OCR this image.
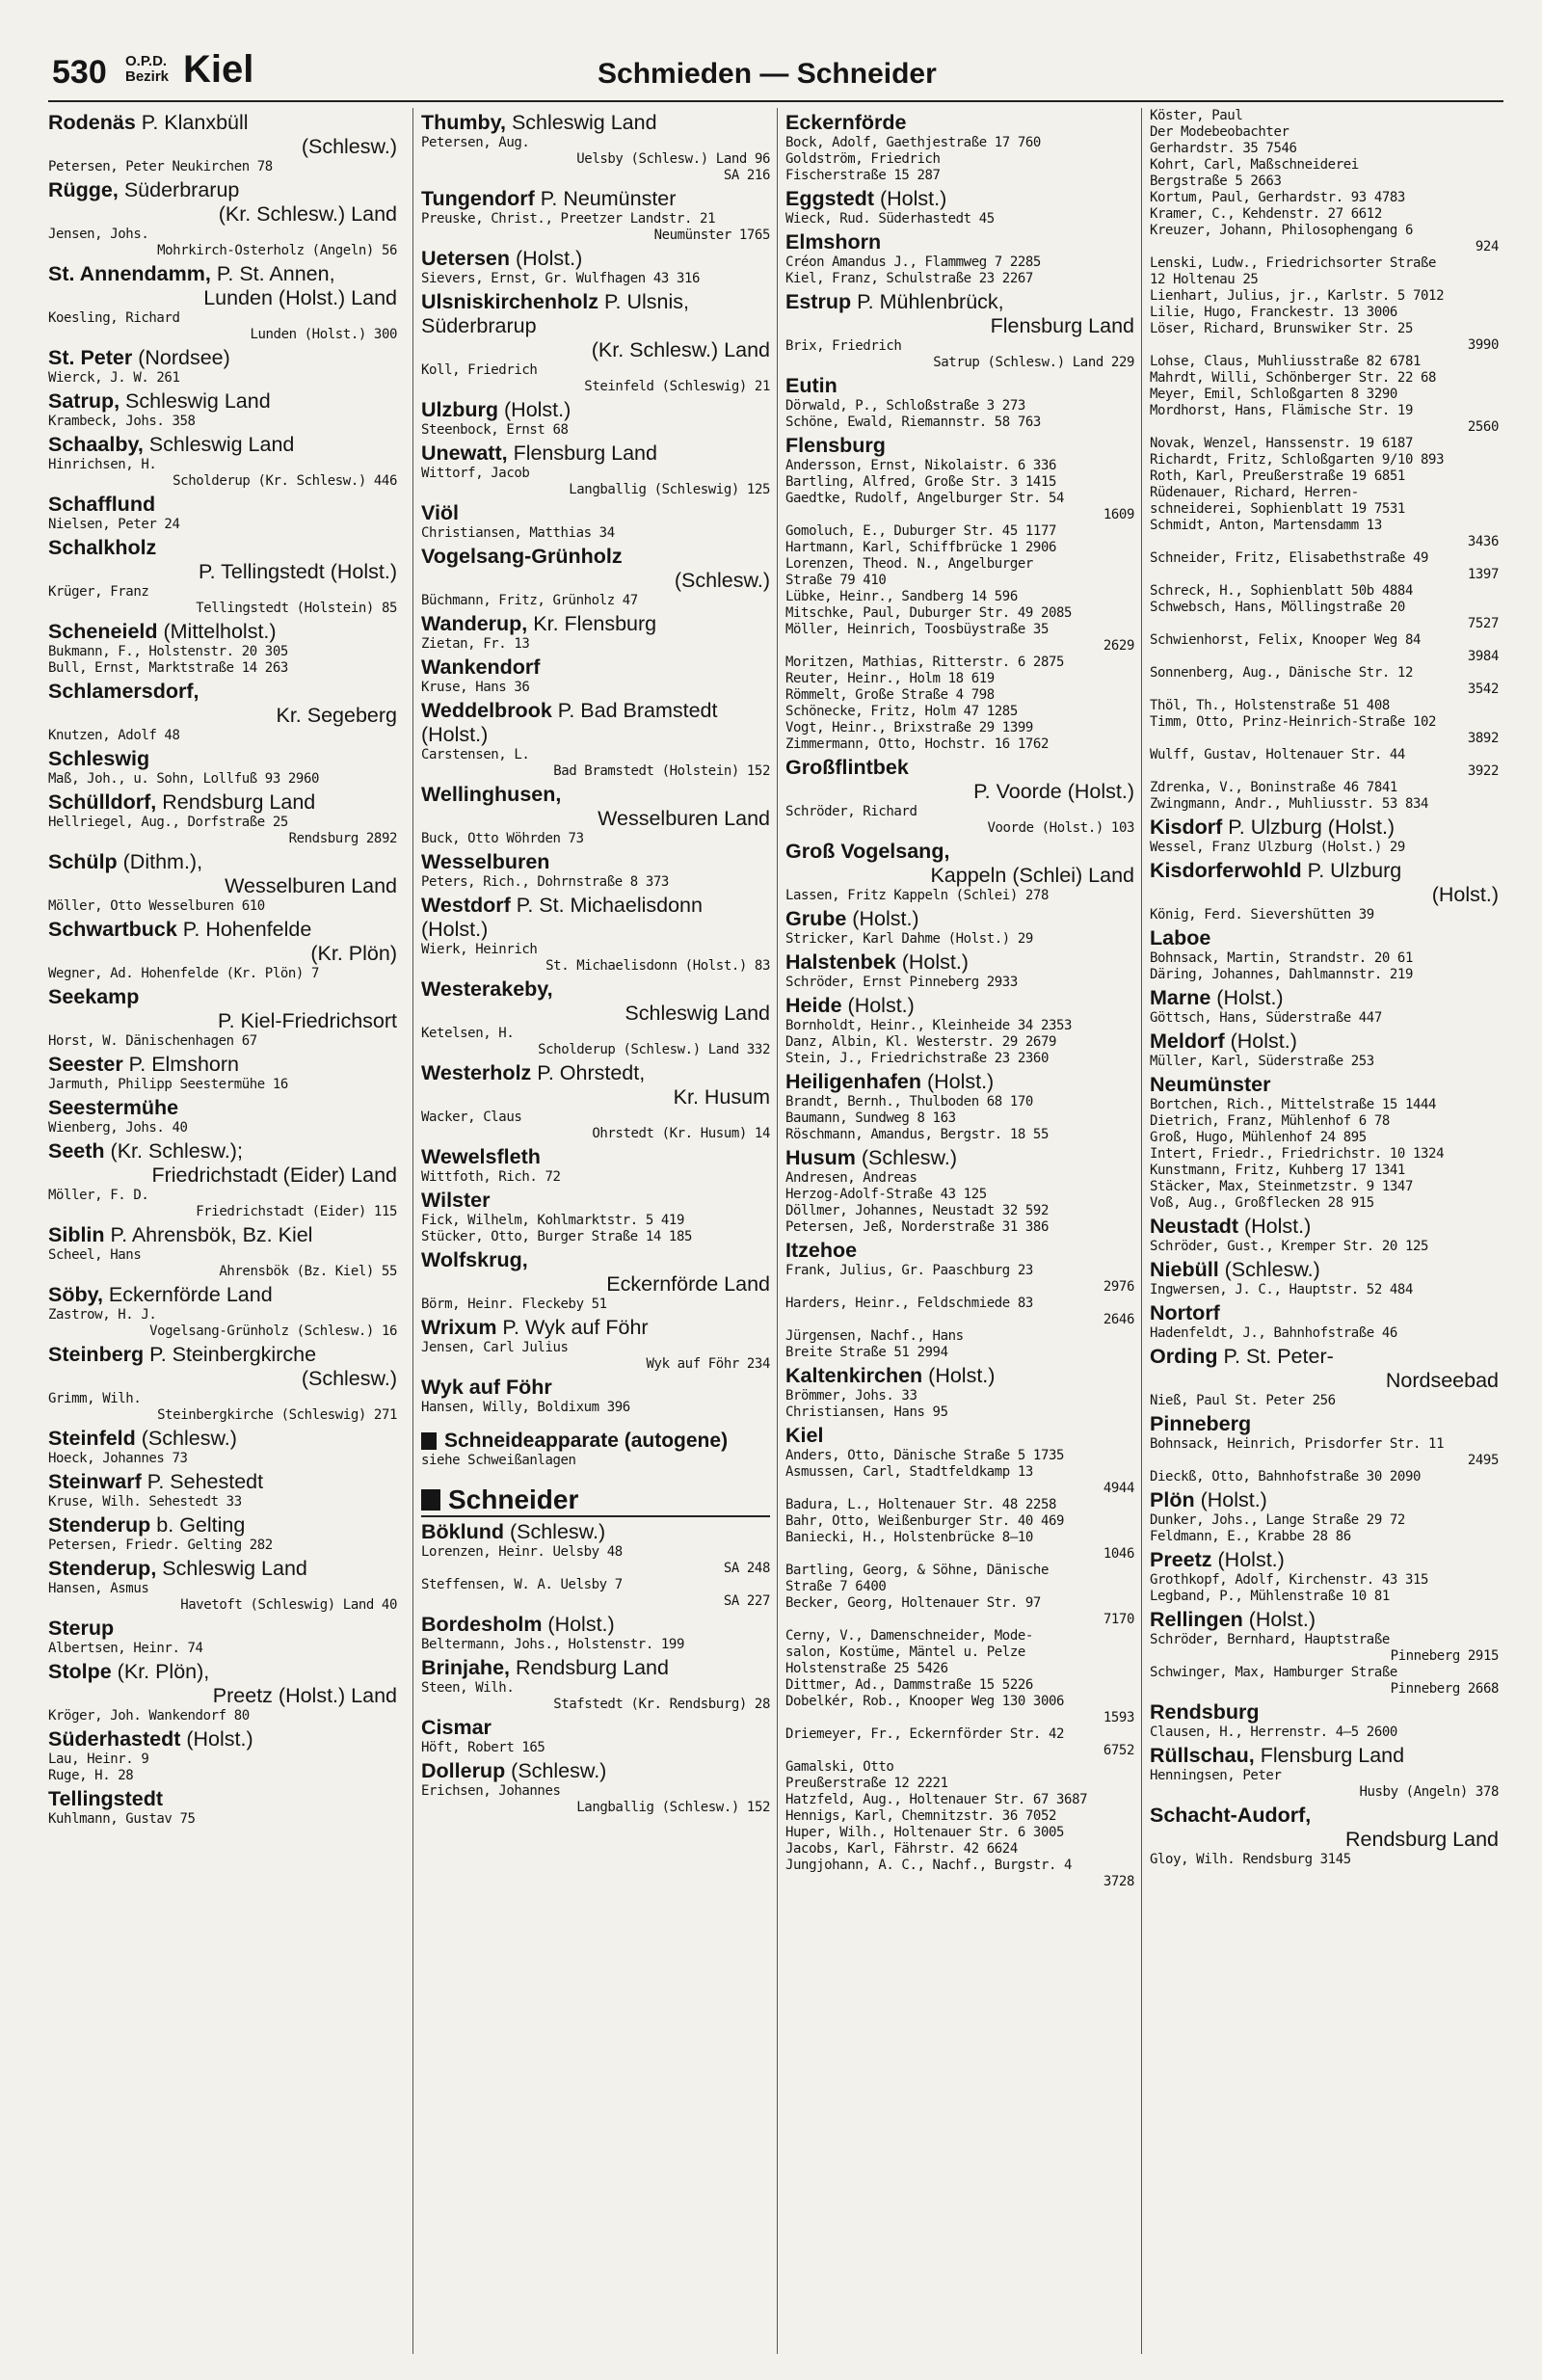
530 O.P.D.
Bezirk Kiel	Schmieden — Schneider
Rodenäs P. Klanxbüll
(Schlesw.)
Petersen, Peter Neukirchen 78
Rügge, Süderbrarup
(Kr. Schlesw.) Land
Jensen, Johs.
Mohrkirch-Osterholz (Angeln) 56
St. Annendamm, P. St. Annen,
Lunden (Holst.) Land
Koesling, Richard
Lunden (Holst.) 300
St. Peter (Nordsee)
Wierck, J. W. 261
Satrup, Schleswig Land
Krambeck, Johs. 358
Schaalby, Schleswig Land
Hinrichsen, H.
Scholderup (Kr. Schlesw.) 446
Schafflund
Nielsen, Peter 24
Schalkholz
P. Tellingstedt (Holst.)
Krüger, Franz
Tellingstedt (Holstein) 85
Scheneield (Mittelholst.)
Bukmann, F., Holstenstr. 20 305
Bull, Ernst, Marktstraße 14 263
Schlamersdorf,
Kr. Segeberg
Knutzen, Adolf 48
Schleswig
Maß, Joh., u. Sohn, Lollfuß 93 2960
Schülldorf, Rendsburg Land
Hellriegel, Aug., Dorfstraße 25
Rendsburg 2892
Schülp (Dithm.),
Wesselburen Land
Möller, Otto Wesselburen 610
Schwartbuck P. Hohenfelde
(Kr. Plön)
Wegner, Ad. Hohenfelde (Kr. Plön) 7
Seekamp
P. Kiel-Friedrichsort
Horst, W. Dänischenhagen 67
Seester P. Elmshorn
Jarmuth, Philipp Seestermühe 16
Seestermühe
Wienberg, Johs. 40
Seeth (Kr. Schlesw.);
Friedrichstadt (Eider) Land
Möller, F. D.
Friedrichstadt (Eider) 115
Siblin P. Ahrensbök, Bz. Kiel
Scheel, Hans
Ahrensbök (Bz. Kiel) 55
Söby, Eckernförde Land
Zastrow, H. J.
Vogelsang-Grünholz (Schlesw.) 16
Steinberg P. Steinbergkirche
(Schlesw.)
Grimm, Wilh.
Steinbergkirche (Schleswig) 271
Steinfeld (Schlesw.)
Hoeck, Johannes 73
Steinwarf P. Sehestedt
Kruse, Wilh. Sehestedt 33
Stenderup b. Gelting
Petersen, Friedr. Gelting 282
Stenderup, Schleswig Land
Hansen, Asmus
Havetoft (Schleswig) Land 40
Sterup
Albertsen, Heinr. 74
Stolpe (Kr. Plön),
Preetz (Holst.) Land
Kröger, Joh. Wankendorf 80
Süderhastedt (Holst.)
Lau, Heinr. 9
Ruge, H. 28
Tellingstedt
Kuhlmann, Gustav 75
Thumby, Schleswig Land
Petersen, Aug.
Uelsby (Schlesw.) Land 96
SA 216
Tungendorf P. Neumünster
Preuske, Christ., Preetzer Landstr. 21
Neumünster 1765
Uetersen (Holst.)
Sievers, Ernst, Gr. Wulfhagen 43 316
Ulsniskirchenholz P. Ulsnis, Süderbrarup
(Kr. Schlesw.) Land
Koll, Friedrich
Steinfeld (Schleswig) 21
Ulzburg (Holst.)
Steenbock, Ernst 68
Unewatt, Flensburg Land
Wittorf, Jacob
Langballig (Schleswig) 125
Viöl
Christiansen, Matthias 34
Vogelsang-Grünholz
(Schlesw.)
Büchmann, Fritz, Grünholz 47
Wanderup, Kr. Flensburg
Zietan, Fr. 13
Wankendorf
Kruse, Hans 36
Weddelbrook P. Bad Bramstedt (Holst.)
Carstensen, L.
Bad Bramstedt (Holstein) 152
Wellinghusen,
Wesselburen Land
Buck, Otto Wöhrden 73
Wesselburen
Peters, Rich., Dohrnstraße 8 373
Westdorf P. St. Michaelisdonn (Holst.)
Wierk, Heinrich
St. Michaelisdonn (Holst.) 83
Westerakeby,
Schleswig Land
Ketelsen, H.
Scholderup (Schlesw.) Land 332
Westerholz P. Ohrstedt,
Kr. Husum
Wacker, Claus
Ohrstedt (Kr. Husum) 14
Wewelsfleth
Wittfoth, Rich. 72
Wilster
Fick, Wilhelm, Kohlmarktstr. 5 419
Stücker, Otto, Burger Straße 14 185
Wolfskrug,
Eckernförde Land
Börm, Heinr. Fleckeby 51
Wrixum P. Wyk auf Föhr
Jensen, Carl Julius
Wyk auf Föhr 234
Wyk auf Föhr
Hansen, Willy, Boldixum 396
Schneideapparate (autogene)
siehe Schweißanlagen
Schneider
Böklund (Schlesw.)
Lorenzen, Heinr. Uelsby 48
SA 248
Steffensen, W. A. Uelsby 7
SA 227
Bordesholm (Holst.)
Beltermann, Johs., Holstenstr. 199
Brinjahe, Rendsburg Land
Steen, Wilh.
Stafstedt (Kr. Rendsburg) 28
Cismar
Höft, Robert 165
Dollerup (Schlesw.)
Erichsen, Johannes
Langballig (Schlesw.) 152
Eckernförde
Bock, Adolf, Gaethjestraße 17 760
Goldström, Friedrich
Fischerstraße 15 287
Eggstedt (Holst.)
Wieck, Rud. Süderhastedt 45
Elmshorn
Créon Amandus J., Flammweg 7 2285
Kiel, Franz, Schulstraße 23 2267
Estrup P. Mühlenbrück,
Flensburg Land
Brix, Friedrich
Satrup (Schlesw.) Land 229
Eutin
Dörwald, P., Schloßstraße 3 273
Schöne, Ewald, Riemannstr. 58 763
Flensburg
Andersson, Ernst, Nikolaistr. 6 336
Bartling, Alfred, Große Str. 3 1415
Gaedtke, Rudolf, Angelburger Str. 54
1609
Gomoluch, E., Duburger Str. 45 1177
Hartmann, Karl, Schiffbrücke 1 2906
Lorenzen, Theod. N., Angelburger
Straße 79 410
Lübke, Heinr., Sandberg 14 596
Mitschke, Paul, Duburger Str. 49 2085
Möller, Heinrich, Toosbüystraße 35
2629
Moritzen, Mathias, Ritterstr. 6 2875
Reuter, Heinr., Holm 18 619
Römmelt, Große Straße 4 798
Schönecke, Fritz, Holm 47 1285
Vogt, Heinr., Brixstraße 29 1399
Zimmermann, Otto, Hochstr. 16 1762
Großflintbek
P. Voorde (Holst.)
Schröder, Richard
Voorde (Holst.) 103
Groß Vogelsang,
Kappeln (Schlei) Land
Lassen, Fritz Kappeln (Schlei) 278
Grube (Holst.)
Stricker, Karl Dahme (Holst.) 29
Halstenbek (Holst.)
Schröder, Ernst Pinneberg 2933
Heide (Holst.)
Bornholdt, Heinr., Kleinheide 34 2353
Danz, Albin, Kl. Westerstr. 29 2679
Stein, J., Friedrichstraße 23 2360
Heiligenhafen (Holst.)
Brandt, Bernh., Thulboden 68 170
Baumann, Sundweg 8 163
Röschmann, Amandus, Bergstr. 18 55
Husum (Schlesw.)
Andresen, Andreas
Herzog-Adolf-Straße 43 125
Döllmer, Johannes, Neustadt 32 592
Petersen, Jeß, Norderstraße 31 386
Itzehoe
Frank, Julius, Gr. Paaschburg 23
2976
Harders, Heinr., Feldschmiede 83
2646
Jürgensen, Nachf., Hans
Breite Straße 51 2994
Kaltenkirchen (Holst.)
Brömmer, Johs. 33
Christiansen, Hans 95
Kiel
Anders, Otto, Dänische Straße 5 1735
Asmussen, Carl, Stadtfeldkamp 13
4944
Badura, L., Holtenauer Str. 48 2258
Bahr, Otto, Weißenburger Str. 40 469
Baniecki, H., Holstenbrücke 8—10
1046
Bartling, Georg, & Söhne, Dänische
Straße 7 6400
Becker, Georg, Holtenauer Str. 97
7170
Cerny, V., Damenschneider, Mode-
salon, Kostüme, Mäntel u. Pelze
Holstenstraße 25 5426
Dittmer, Ad., Dammstraße 15 5226
Dobelkér, Rob., Knooper Weg 130 3006
1593
Driemeyer, Fr., Eckernförder Str. 42
6752
Gamalski, Otto
Preußerstraße 12 2221
Hatzfeld, Aug., Holtenauer Str. 67 3687
Hennigs, Karl, Chemnitzstr. 36 7052
Huper, Wilh., Holtenauer Str. 6 3005
Jacobs, Karl, Fährstr. 42 6624
Jungjohann, A. C., Nachf., Burgstr. 4
3728
Köster, Paul
Der Modebeobachter
Gerhardstr. 35 7546
Kohrt, Carl, Maßschneiderei
Bergstraße 5 2663
Kortum, Paul, Gerhardstr. 93 4783
Kramer, C., Kehdenstr. 27 6612
Kreuzer, Johann, Philosophengang 6
924
Lenski, Ludw., Friedrichsorter Straße
12 Holtenau 25
Lienhart, Julius, jr., Karlstr. 5 7012
Lilie, Hugo, Franckestr. 13 3006
Löser, Richard, Brunswiker Str. 25
3990
Lohse, Claus, Muhliusstraße 82 6781
Mahrdt, Willi, Schönberger Str. 22 68
Meyer, Emil, Schloßgarten 8 3290
Mordhorst, Hans, Flämische Str. 19
2560
Novak, Wenzel, Hanssenstr. 19 6187
Richardt, Fritz, Schloßgarten 9/10 893
Roth, Karl, Preußerstraße 19 6851
Rüdenauer, Richard, Herren-
schneiderei, Sophienblatt 19 7531
Schmidt, Anton, Martensdamm 13
3436
Schneider, Fritz, Elisabethstraße 49
1397
Schreck, H., Sophienblatt 50b 4884
Schwebsch, Hans, Möllingstraße 20
7527
Schwienhorst, Felix, Knooper Weg 84
3984
Sonnenberg, Aug., Dänische Str. 12
3542
Thöl, Th., Holstenstraße 51 408
Timm, Otto, Prinz-Heinrich-Straße 102
3892
Wulff, Gustav, Holtenauer Str. 44
3922
Zdrenka, V., Boninstraße 46 7841
Zwingmann, Andr., Muhliusstr. 53 834
Kisdorf P. Ulzburg (Holst.)
Wessel, Franz Ulzburg (Holst.) 29
Kisdorferwohld P. Ulzburg
(Holst.)
König, Ferd. Sievershütten 39
Laboe
Bohnsack, Martin, Strandstr. 20 61
Däring, Johannes, Dahlmannstr. 219
Marne (Holst.)
Göttsch, Hans, Süderstraße 447
Meldorf (Holst.)
Müller, Karl, Süderstraße 253
Neumünster
Bortchen, Rich., Mittelstraße 15 1444
Dietrich, Franz, Mühlenhof 6 78
Groß, Hugo, Mühlenhof 24 895
Intert, Friedr., Friedrichstr. 10 1324
Kunstmann, Fritz, Kuhberg 17 1341
Stäcker, Max, Steinmetzstr. 9 1347
Voß, Aug., Großflecken 28 915
Neustadt (Holst.)
Schröder, Gust., Kremper Str. 20 125
Niebüll (Schlesw.)
Ingwersen, J. C., Hauptstr. 52 484
Nortorf
Hadenfeldt, J., Bahnhofstraße 46
Ording P. St. Peter-
Nordseebad
Nieß, Paul St. Peter 256
Pinneberg
Bohnsack, Heinrich, Prisdorfer Str. 11
2495
Dieckß, Otto, Bahnhofstraße 30 2090
Plön (Holst.)
Dunker, Johs., Lange Straße 29 72
Feldmann, E., Krabbe 28 86
Preetz (Holst.)
Grothkopf, Adolf, Kirchenstr. 43 315
Legband, P., Mühlenstraße 10 81
Rellingen (Holst.)
Schröder, Bernhard, Hauptstraße
Pinneberg 2915
Schwinger, Max, Hamburger Straße
Pinneberg 2668
Rendsburg
Clausen, H., Herrenstr. 4—5 2600
Rüllschau, Flensburg Land
Henningsen, Peter
Husby (Angeln) 378
Schacht-Audorf,
Rendsburg Land
Gloy, Wilh. Rendsburg 3145
